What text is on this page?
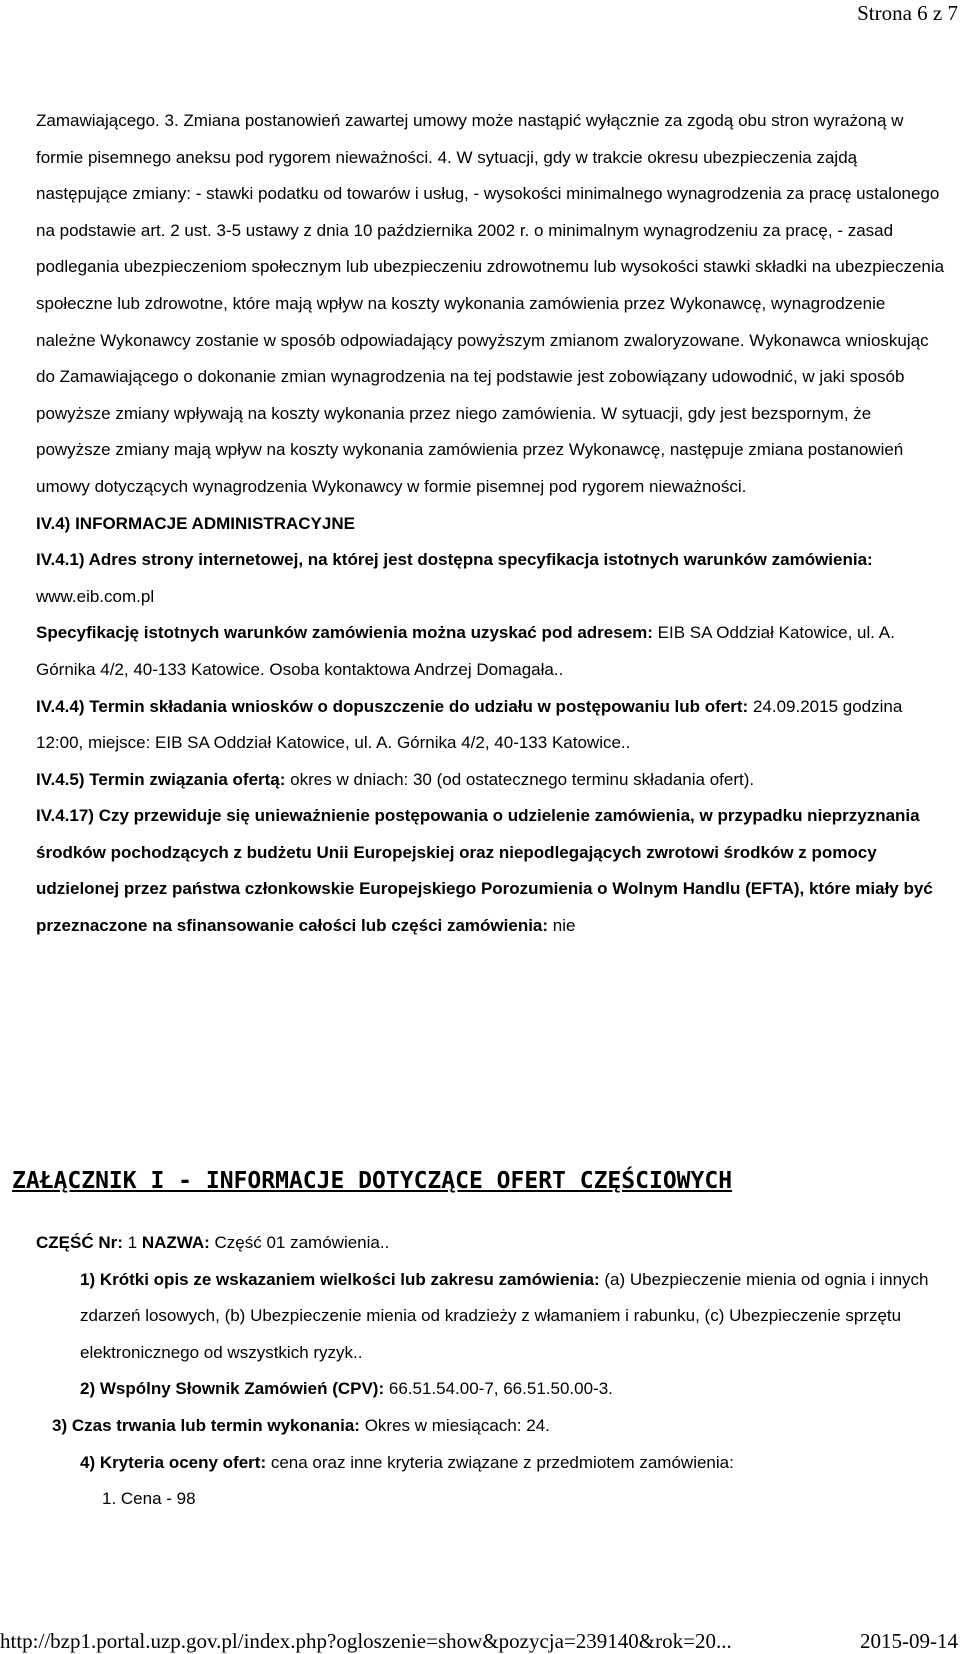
Strona 6 z 7

Zamawiającego. 3. Zmiana postanowień zawartej umowy może nastąpić wyłącznie za zgodą obu stron wyrażoną w formie pisemnego aneksu pod rygorem nieważności. 4. W sytuacji, gdy w trakcie okresu ubezpieczenia zajdą następujące zmiany: - stawki podatku od towarów i usług, - wysokości minimalnego wynagrodzenia za pracę ustalonego na podstawie art. 2 ust. 3-5 ustawy z dnia 10 października 2002 r. o minimalnym wynagrodzeniu za pracę, - zasad podlegania ubezpieczeniom społecznym lub ubezpieczeniu zdrowotnemu lub wysokości stawki składki na ubezpieczenia społeczne lub zdrowotne, które mają wpływ na koszty wykonania zamówienia przez Wykonawcę, wynagrodzenie należne Wykonawcy zostanie w sposób odpowiadający powyższym zmianom zwaloryzowane. Wykonawca wnioskując do Zamawiającego o dokonanie zmian wynagrodzenia na tej podstawie jest zobowiązany udowodnić, w jaki sposób powyższe zmiany wpływają na koszty wykonania przez niego zamówienia. W sytuacji, gdy jest bezspornym, że powyższe zmiany mają wpływ na koszty wykonania zamówienia przez Wykonawcę, następuje zmiana postanowień umowy dotyczących wynagrodzenia Wykonawcy w formie pisemnej pod rygorem nieważności.

IV.4) INFORMACJE ADMINISTRACYJNE

IV.4.1) Adres strony internetowej, na której jest dostępna specyfikacja istotnych warunków zamówienia: www.eib.com.pl

Specyfikację istotnych warunków zamówienia można uzyskać pod adresem: EIB SA Oddział Katowice, ul. A. Górnika 4/2, 40-133 Katowice. Osoba kontaktowa Andrzej Domagała..

IV.4.4) Termin składania wniosków o dopuszczenie do udziału w postępowaniu lub ofert: 24.09.2015 godzina 12:00, miejsce: EIB SA Oddział Katowice, ul. A. Górnika 4/2, 40-133 Katowice..

IV.4.5) Termin związania ofertą: okres w dniach: 30 (od ostatecznego terminu składania ofert).

IV.4.17) Czy przewiduje się unieważnienie postępowania o udzielenie zamówienia, w przypadku nieprzyznania środków pochodzących z budżetu Unii Europejskiej oraz niepodlegających zwrotowi środków z pomocy udzielonej przez państwa członkowskie Europejskiego Porozumienia o Wolnym Handlu (EFTA), które miały być przeznaczone na sfinansowanie całości lub części zamówienia: nie

ZAŁĄCZNIK I - INFORMACJE DOTYCZĄCE OFERT CZĘŚCIOWYCH

CZĘŚĆ Nr: 1 NAZWA: Część 01 zamówienia..

1) Krótki opis ze wskazaniem wielkości lub zakresu zamówienia: (a) Ubezpieczenie mienia od ognia i innych zdarzeń losowych, (b) Ubezpieczenie mienia od kradzieży z włamaniem i rabunku, (c) Ubezpieczenie sprzętu elektronicznego od wszystkich ryzyk..

2) Wspólny Słownik Zamówień (CPV): 66.51.54.00-7, 66.51.50.00-3.

3) Czas trwania lub termin wykonania: Okres w miesiącach: 24.

4) Kryteria oceny ofert: cena oraz inne kryteria związane z przedmiotem zamówienia:

1. Cena - 98

http://bzp1.portal.uzp.gov.pl/index.php?ogloszenie=show&pozycja=239140&rok=20...	2015-09-14
